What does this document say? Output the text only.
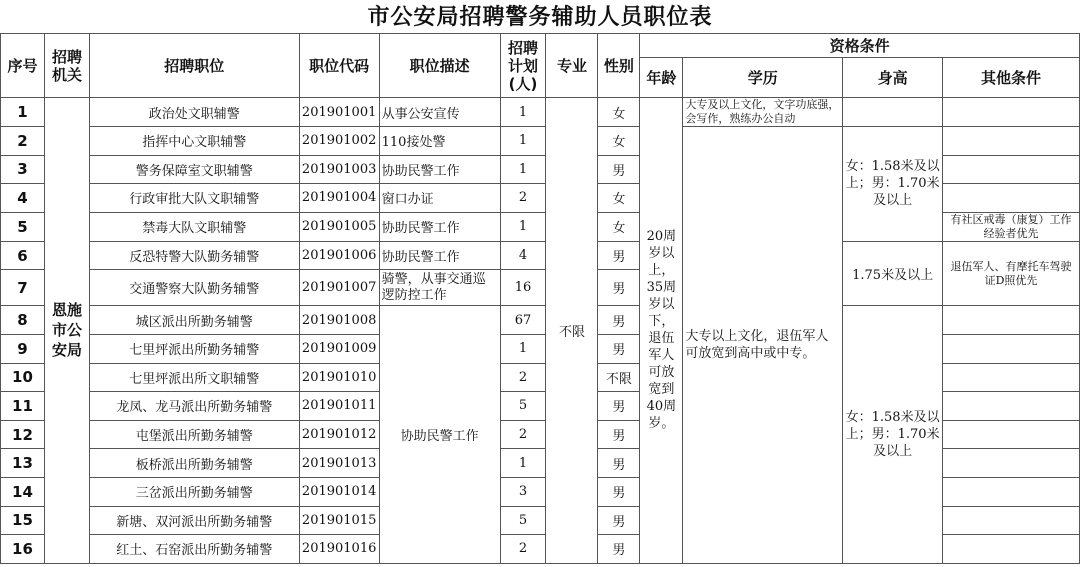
市公安局招聘警务辅助人员职位表
序号	招聘机关	招聘职位	职位代码	职位描述	招聘计划(人)	专业	性别	资格条件			
								年龄	学历	身高	其他条件
1	恩施市公安局	政治处文职辅警	201901001	从事公安宣传	1	不限	女	20周岁以上，35周岁以下，退伍军人可放宽到40周岁。	大专及以上文化，文字功底强，会写作，熟练办公自动		
2		指挥中心文职辅警	201901002	110接处警	1		女		大专以上文化，退伍军人可放宽到高中或中专。	女：1.58米及以上；男：1.70米及以上	
3		警务保障室文职辅警	201901003	协助民警工作	1		男				
4		行政审批大队文职辅警	201901004	窗口办证	2		女				
5		禁毒大队文职辅警	201901005	协助民警工作	1		女				有社区戒毒（康复）工作经验者优先
6		反恐特警大队勤务辅警	201901006	协助民警工作	4		男			1.75米及以上	退伍军人、有摩托车驾驶证D照优先
7		交通警察大队勤务辅警	201901007	骑警，从事交通巡逻防控工作	16		男				
8		城区派出所勤务辅警	201901008	协助民警工作	67		男			女：1.58米及以上；男：1.70米及以上	
9		七里坪派出所勤务辅警	201901009		1		男				
10		七里坪派出所文职辅警	201901010		2		不限				
11		龙凤、龙马派出所勤务辅警	201901011		5		男				
12		屯堡派出所勤务辅警	201901012		2		男				
13		板桥派出所勤务辅警	201901013		1		男				
14		三岔派出所勤务辅警	201901014		3		男				
15		新塘、双河派出所勤务辅警	201901015		5		男				
16		红土、石窑派出所勤务辅警	201901016		2		男				
